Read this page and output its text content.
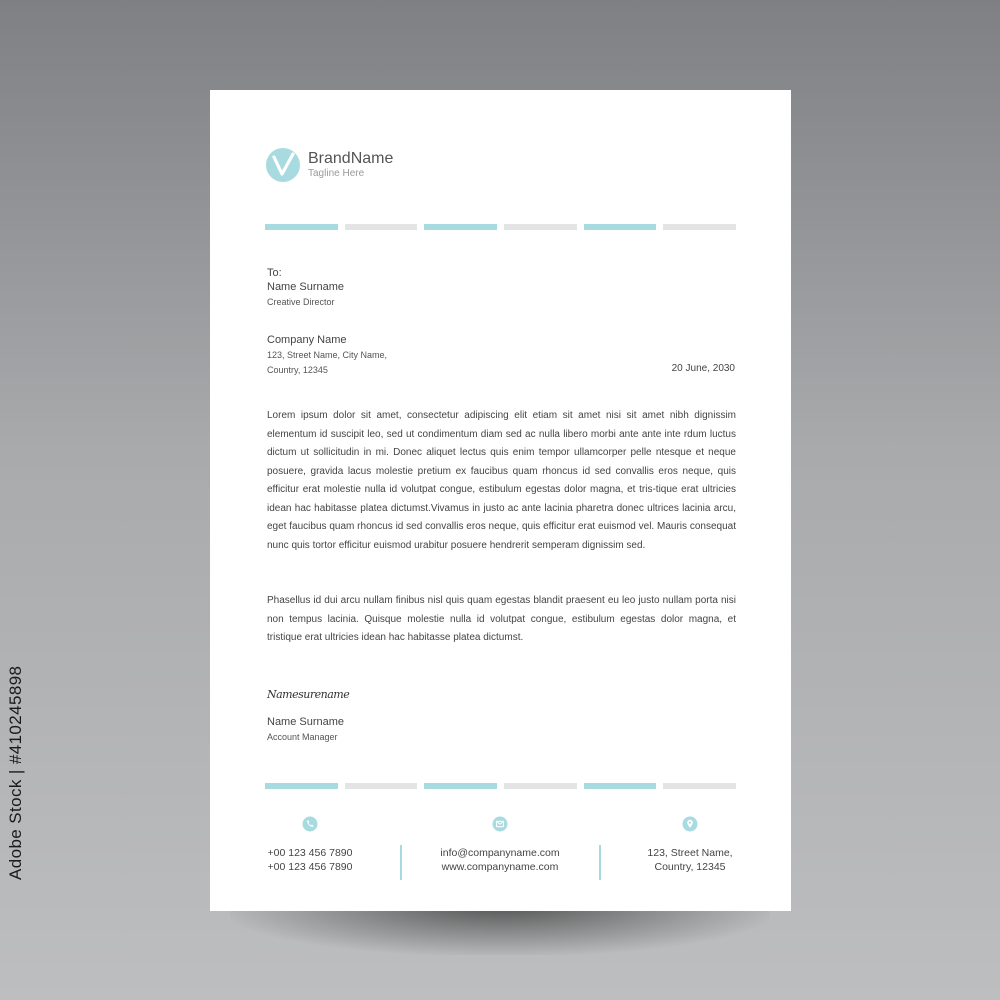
Adobe Stock | #410245898
BrandName
Tagline Here
To:
Name Surname
Creative Director
Company Name
123, Street Name, City Name,
Country, 12345	20 June, 2030
Lorem ipsum dolor sit amet, consectetur adipiscing elit etiam sit amet nisi sit amet nibh dignissim elementum id suscipit leo, sed ut condimentum diam sed ac nulla libero morbi ante ante inte rdum luctus dictum ut sollicitudin in mi. Donec aliquet lectus quis enim tempor ullamcorper pelle ntesque et neque posuere, gravida lacus molestie pretium ex faucibus quam rhoncus id sed convallis eros neque, quis efficitur erat molestie nulla id volutpat congue, estibulum egestas dolor magna, et tris-tique erat ultricies idean hac habitasse platea dictumst.Vivamus in justo ac ante lacinia pharetra donec ultrices lacinia arcu, eget faucibus quam rhoncus id sed convallis eros neque, quis efficitur erat euismod vel. Mauris consequat nunc quis tortor efficitur euismod urabitur posuere hendrerit semperam dignissim sed.
Phasellus id dui arcu nullam finibus nisl quis quam egestas blandit praesent eu leo justo nullam porta nisi non tempus lacinia. Quisque molestie nulla id volutpat congue, estibulum egestas dolor magna, et tristique erat ultricies idean hac habitasse platea dictumst.
Namesurename
Name Surname
Account Manager
+00 123 456 7890
+00 123 456 7890
info@companyname.com
www.companyname.com
123, Street Name,
Country, 12345
